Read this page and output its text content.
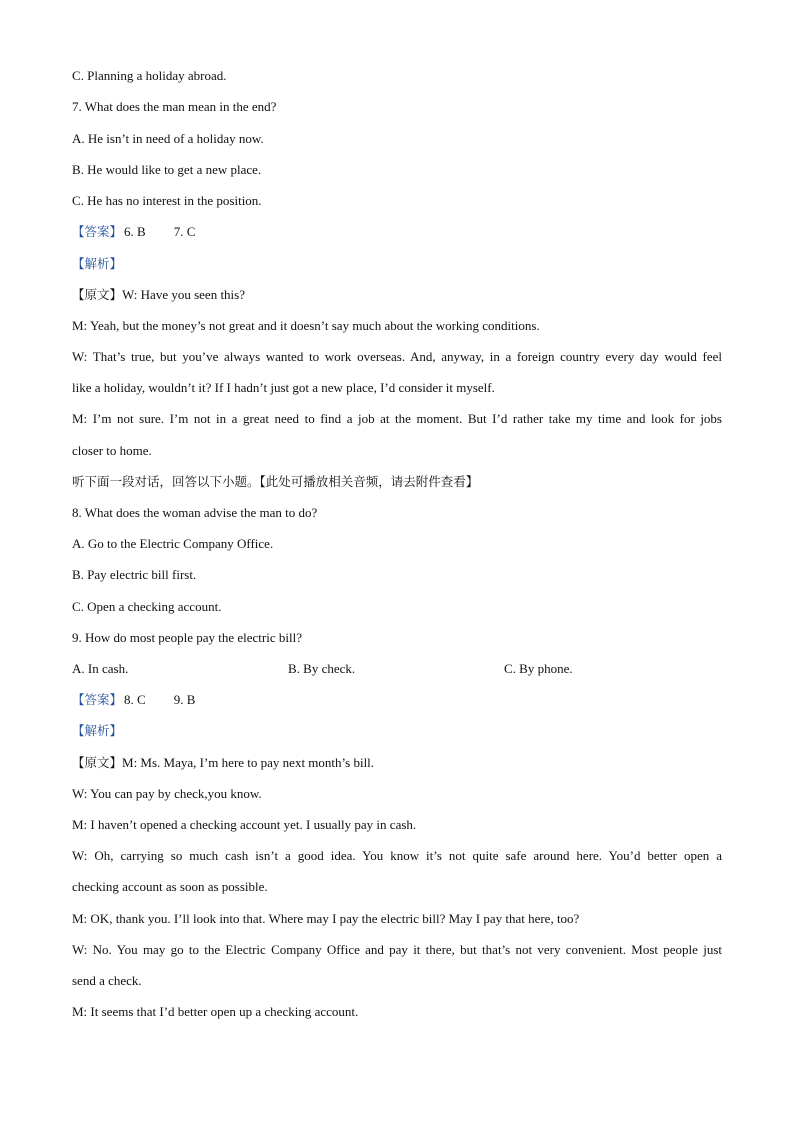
C. Planning a holiday abroad.
7. What does the man mean in the end?
A. He isn’t in need of a holiday now.
B. He would like to get a new place.
C. He has no interest in the position.
【答案】 6. B 7. C
【解析】
【原文】W: Have you seen this?
M: Yeah, but the money’s not great and it doesn’t say much about the working conditions.
W: That’s true, but you’ve always wanted to work overseas. And, anyway, in a foreign country every day would feel
like a holiday, wouldn’t it? If I hadn’t just got a new place, I’d consider it myself.
M: I’m not sure. I’m not in a great need to find a job at the moment. But I’d rather take my time and look for jobs
closer to home.
听下面一段对话，回答以下小题。【此处可播放相关音频，请去附件查看】
8. What does the woman advise the man to do?
A. Go to the Electric Company Office.
B. Pay electric bill first.
C. Open a checking account.
9. How do most people pay the electric bill?
A. In cash.	B. By check.	C. By phone.
【答案】 8. C 9. B
【解析】
【原文】M: Ms. Maya, I’m here to pay next month’s bill.
W: You can pay by check,you know.
M: I haven’t opened a checking account yet. I usually pay in cash.
W: Oh, carrying so much cash isn’t a good idea. You know it’s not quite safe around here. You’d better open a
checking account as soon as possible.
M: OK, thank you. I’ll look into that. Where may I pay the electric bill? May I pay that here, too?
W: No. You may go to the Electric Company Office and pay it there, but that’s not very convenient. Most people just
send a check.
M: It seems that I’d better open up a checking account.
